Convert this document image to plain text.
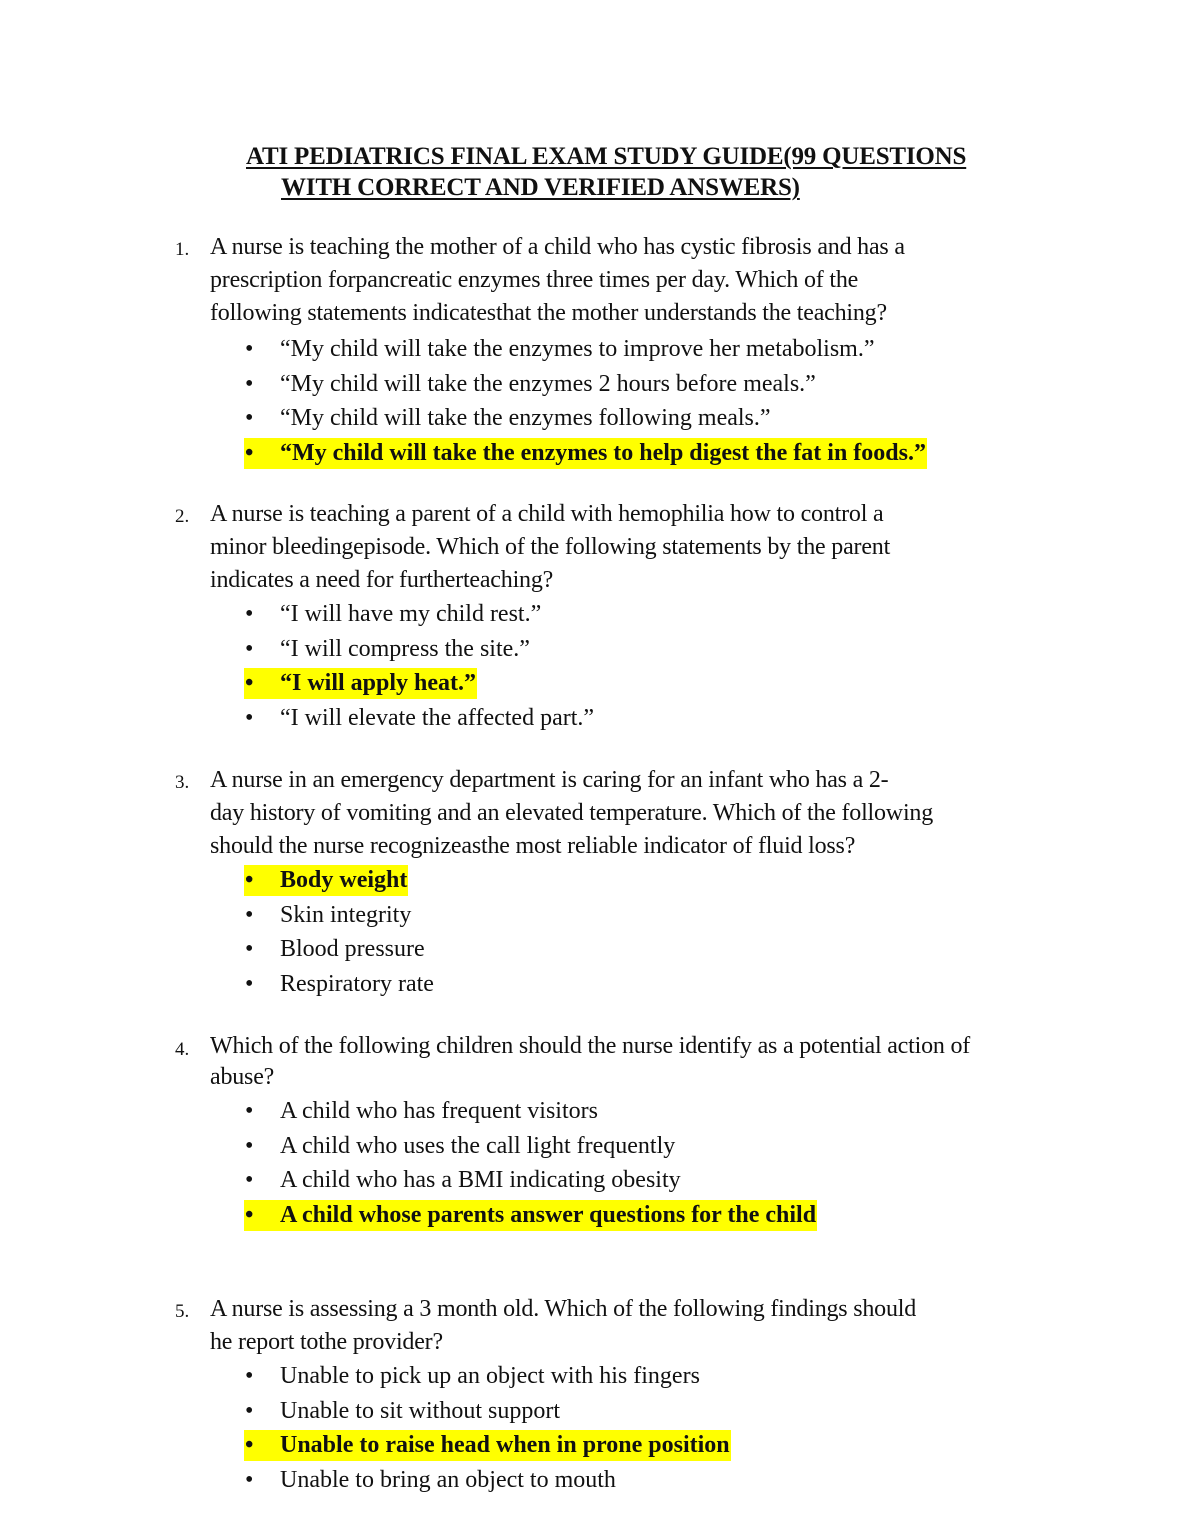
ATI PEDIATRICS FINAL EXAM STUDY GUIDE(99 QUESTIONS
WITH CORRECT AND VERIFIED ANSWERS)
1. A nurse is teaching the mother of a child who has cystic fibrosis and has a
prescription forpancreatic enzymes three times per day. Which of the
following statements indicatesthat the mother understands the teaching?
• “My child will take the enzymes to improve her metabolism.”
• “My child will take the enzymes 2 hours before meals.”
• “My child will take the enzymes following meals.”
• “My child will take the enzymes to help digest the fat in foods.”
2. A nurse is teaching a parent of a child with hemophilia how to control a
minor bleedingepisode. Which of the following statements by the parent
indicates a need for furtherteaching?
• “I will have my child rest.”
• “I will compress the site.”
• “I will apply heat.”
• “I will elevate the affected part.”
3. A nurse in an emergency department is caring for an infant who has a 2-
day history of vomiting and an elevated temperature. Which of the following
should the nurse recognizeasthe most reliable indicator of fluid loss?
• Body weight
• Skin integrity
• Blood pressure
• Respiratory rate
4. Which of the following children should the nurse identify as a potential action of
abuse?
• A child who has frequent visitors
• A child who uses the call light frequently
• A child who has a BMI indicating obesity
• A child whose parents answer questions for the child
5. A nurse is assessing a 3 month old. Which of the following findings should
he report tothe provider?
• Unable to pick up an object with his fingers
• Unable to sit without support
• Unable to raise head when in prone position
• Unable to bring an object to mouth
